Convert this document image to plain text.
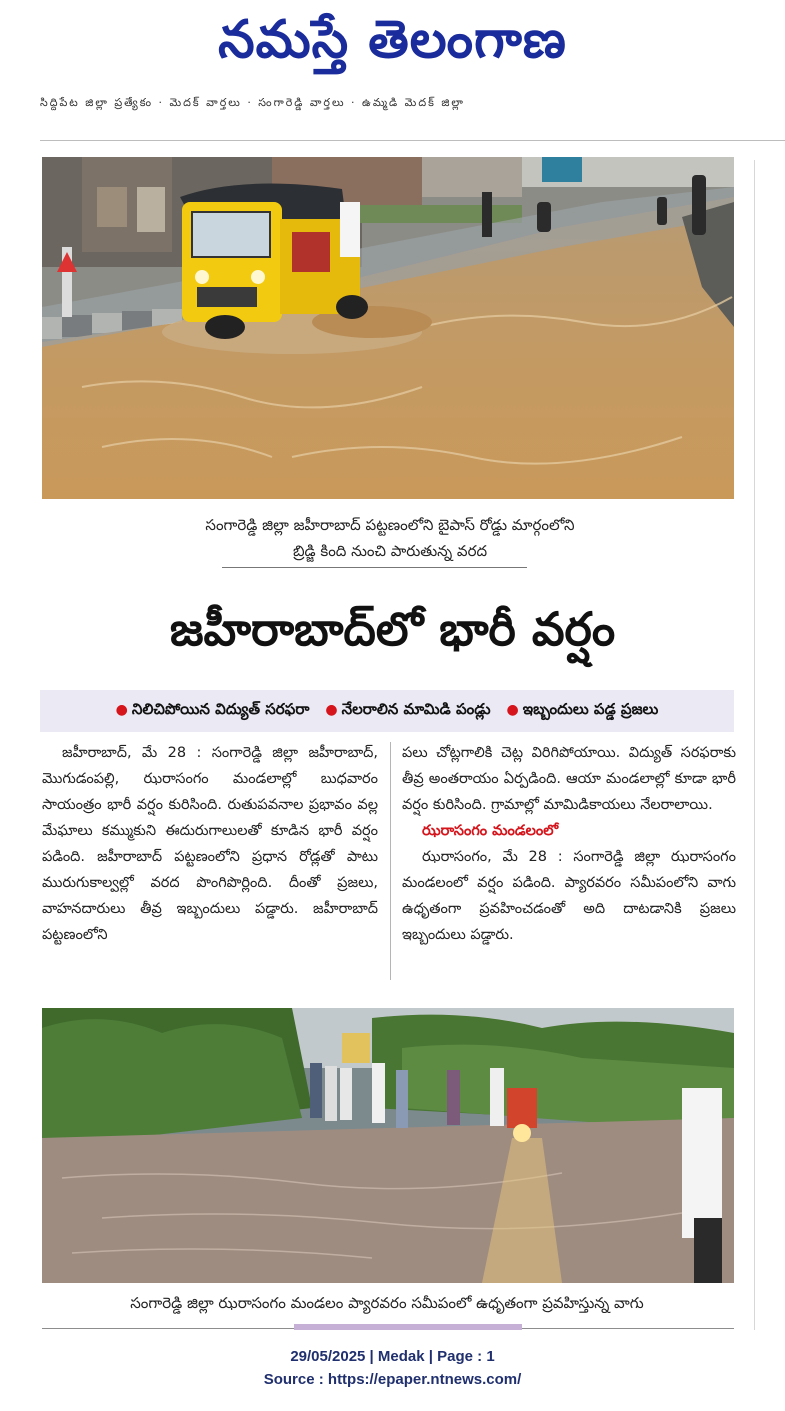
నమస్తే తెలంగాణ
సిద్దిపేట జిల్లా ప్రత్యేకం · మెదక్ వార్తలు · సంగారెడ్డి వార్తలు · ఉమ్మడి మెదక్ జిల్లా
సంగారెడ్డి జిల్లా జహీరాబాద్ పట్టణంలోని బైపాస్ రోడ్డు మార్గంలోని
బ్రిడ్జి కింది నుంచి పారుతున్న వరద
జహీరాబాద్‌లో భారీ వర్షం
● నిలిచిపోయిన విద్యుత్ సరఫరా ● నేలరాలిన మామిడి పండ్లు ● ఇబ్బందులు పడ్డ ప్రజలు
జహీరాబాద్, మే 28 : సంగారెడ్డి జిల్లా జహీరాబాద్, మొగుడంపల్లి, ఝరాసంగం మండలాల్లో బుధవారం సాయంత్రం భారీ వర్షం కురిసింది. రుతుపవనాల ప్రభావం వల్ల మేఘాలు కమ్ముకుని ఈదురుగాలులతో కూడిన భారీ వర్షం పడింది. జహీరాబాద్ పట్టణంలోని ప్రధాన రోడ్లతో పాటు మురుగుకాల్వల్లో వరద పొంగిపొర్లింది. దీంతో ప్రజలు, వాహనదారులు తీవ్ర ఇబ్బందులు పడ్డారు. జహీరాబాద్ పట్టణంలోని
పలు చోట్లగాలికి చెట్ల విరిగిపోయాయి. విద్యుత్ సరఫరాకు తీవ్ర అంతరాయం ఏర్పడింది. ఆయా మండలాల్లో కూడా భారీ వర్షం కురిసింది. గ్రామాల్లో మామిడికాయలు నేలరాలాయి.
ఝరాసంగం మండలంలో
ఝరాసంగం, మే 28 : సంగారెడ్డి జిల్లా ఝరాసంగం మండలంలో వర్షం పడింది. ప్యారవరం సమీపంలోని వాగు ఉధృతంగా ప్రవహించడంతో అది దాటడానికి ప్రజలు ఇబ్బందులు పడ్డారు.
సంగారెడ్డి జిల్లా ఝరాసంగం మండలం ప్యారవరం సమీపంలో ఉధృతంగా ప్రవహిస్తున్న వాగు
29/05/2025 | Medak | Page : 1
Source : https://epaper.ntnews.com/
